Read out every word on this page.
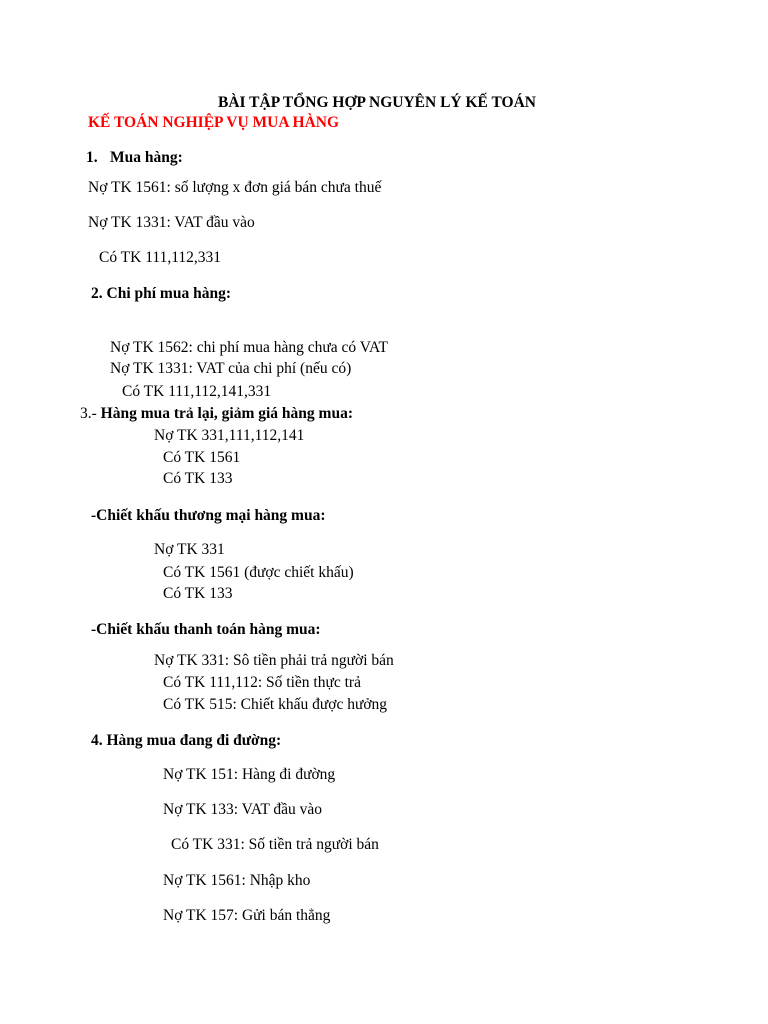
BÀI TẬP TỔNG HỢP NGUYÊN LÝ KẾ TOÁN
KẾ TOÁN NGHIỆP VỤ MUA HÀNG
1. Mua hàng:
Nợ TK 1561: số lượng x đơn giá bán chưa thuế
Nợ TK 1331: VAT đầu vào
Có TK 111,112,331
2. Chi phí mua hàng:
Nợ TK 1562: chi phí mua hàng chưa có VAT
Nợ TK 1331: VAT của chi phí (nếu có)
Có TK 111,112,141,331
3.- Hàng mua trả lại, giảm giá hàng mua:
Nợ TK 331,111,112,141
Có TK 1561
Có TK 133
-Chiết khấu thương mại hàng mua:
Nợ TK 331
Có TK 1561 (được chiết khấu)
Có TK 133
-Chiết khấu thanh toán hàng mua:
Nợ TK 331: Sô tiền phải trả người bán
Có TK 111,112: Số tiền thực trả
Có TK 515: Chiết khấu được hưởng
4. Hàng mua đang đi đường:
Nợ TK 151: Hàng đi đường
Nợ TK 133: VAT đầu vào
Có TK 331: Số tiền trả người bán
Nợ TK 1561: Nhập kho
Nợ TK 157: Gửi bán thẳng
